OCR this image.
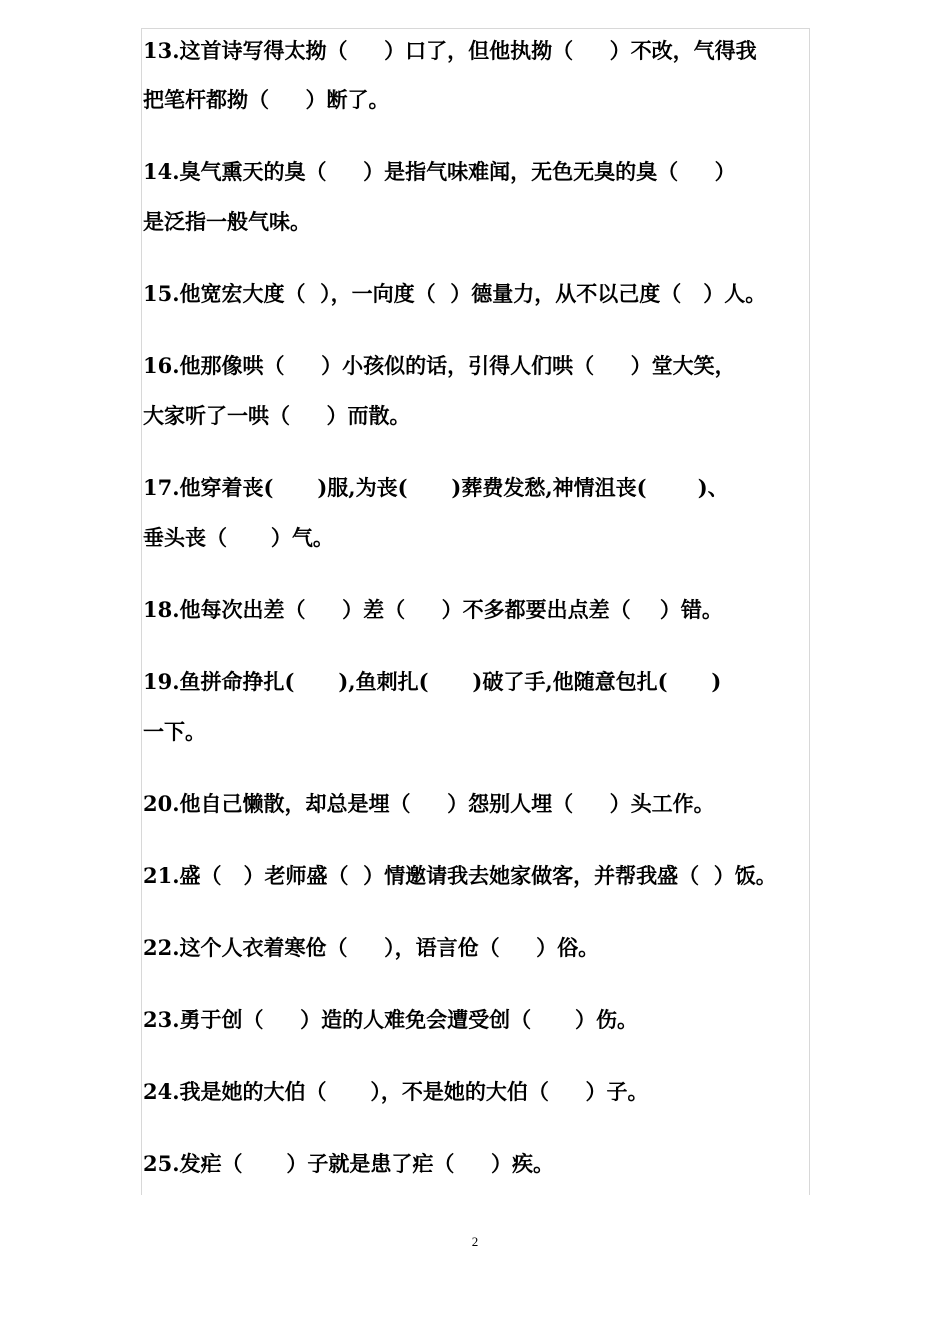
13.这首诗写得太拗（     ）口了，但他执拗（     ）不改，气得我
把笔杆都拗（     ）断了。
14.臭气熏天的臭（     ）是指气味难闻，无色无臭的臭（     ）
是泛指一般气味。
15.他宽宏大度（  ），一向度（  ）德量力，从不以己度（   ）人。
16.他那像哄（     ）小孩似的话，引得人们哄（     ）堂大笑，
大家听了一哄（     ）而散。
17.他穿着丧(      )服,为丧(      )葬费发愁,神情沮丧(       )、
垂头丧（      ）气。
18.他每次出差（     ）差（     ）不多都要出点差（    ）错。
19.鱼拼命挣扎(      ),鱼刺扎(      )破了手,他随意包扎(      )
一下。
20.他自己懒散，却总是埋（     ）怨别人埋（     ）头工作。
21.盛（   ）老师盛（  ）情邀请我去她家做客，并帮我盛（  ）饭。
22.这个人衣着寒伧（     ），语言伧（     ）俗。
23.勇于创（     ）造的人难免会遭受创（      ）伤。
24.我是她的大伯（      ），不是她的大伯（     ）子。
25.发疟（      ）子就是患了疟（     ）疾。
2
